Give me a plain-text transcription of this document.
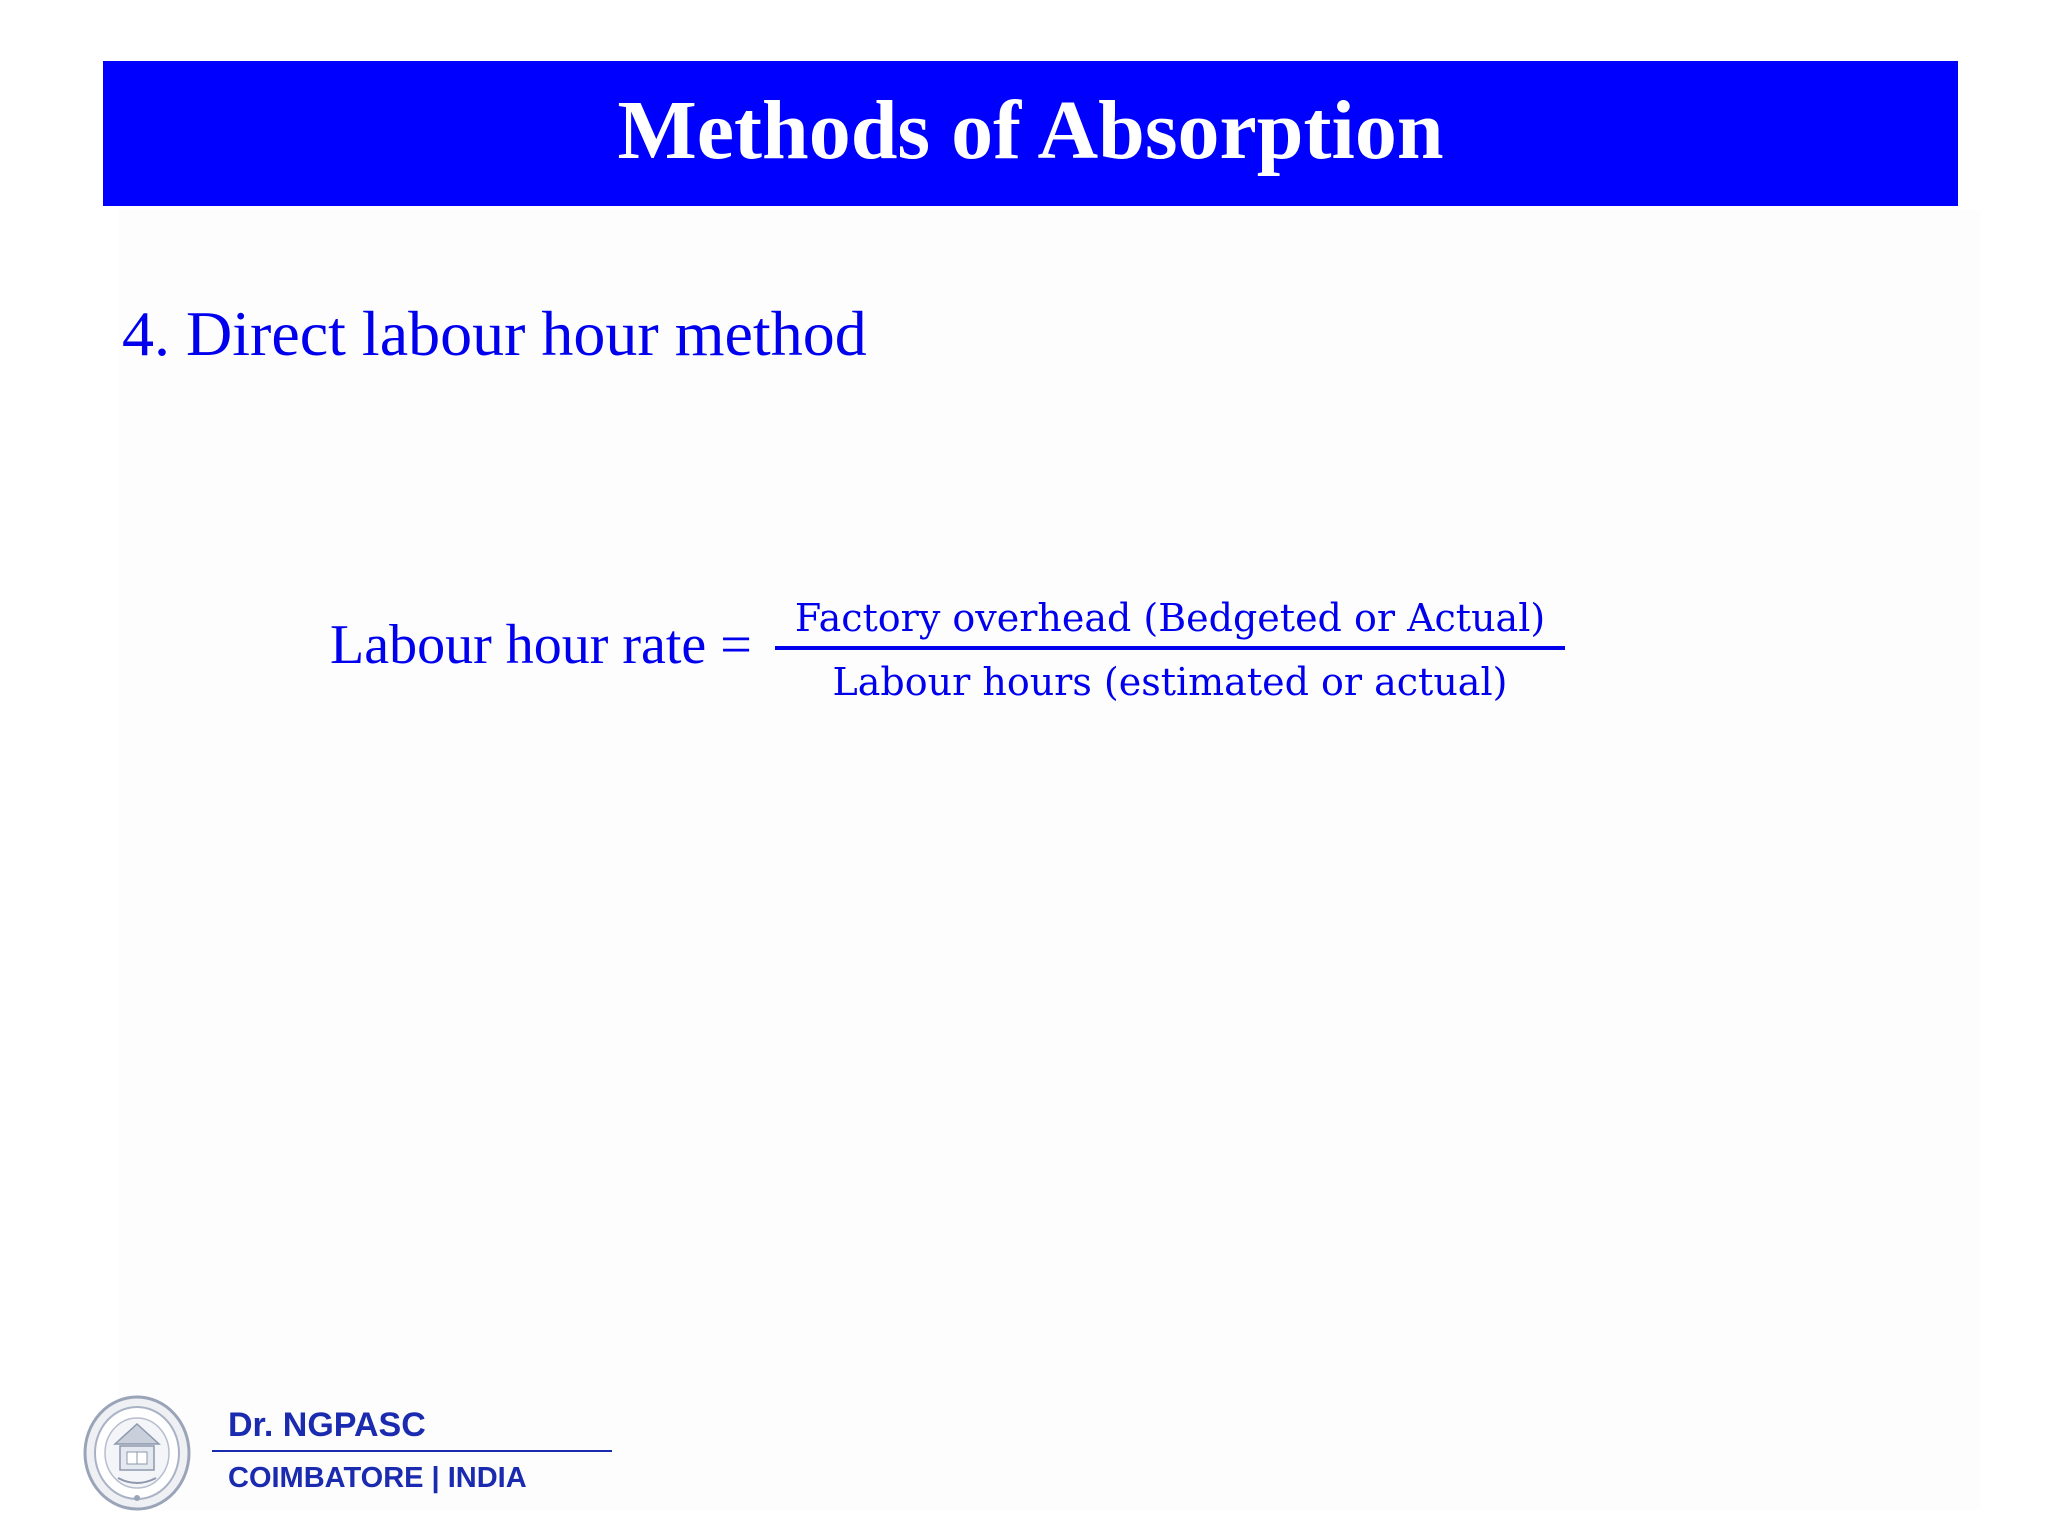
Methods of Absorption
4. Direct labour hour method
Labour hour rate =	Factory overhead (Bedgeted or Actual)
Labour hours (estimated or actual)
Dr. NGPASC
COIMBATORE | INDIA
